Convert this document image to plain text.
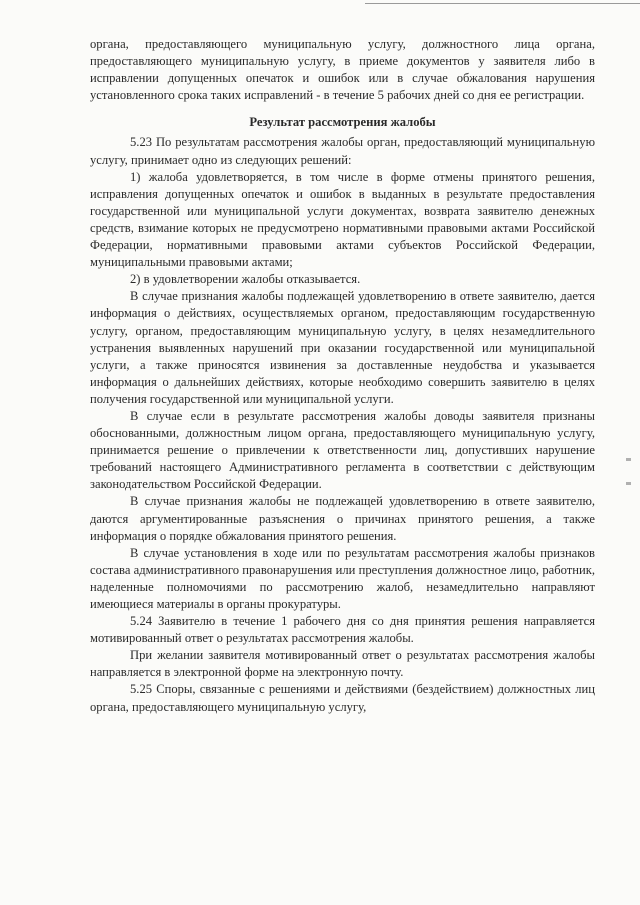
органа, предоставляющего муниципальную услугу, должностного лица органа, предоставляющего муниципальную услугу, в приеме документов у заявителя либо в исправлении допущенных опечаток и ошибок или в случае обжалования нарушения установленного срока таких исправлений - в течение 5 рабочих дней со дня ее регистрации.

Результат рассмотрения жалобы

5.23 По результатам рассмотрения жалобы орган, предоставляющий муниципальную услугу, принимает одно из следующих решений:

1) жалоба удовлетворяется, в том числе в форме отмены принятого решения, исправления допущенных опечаток и ошибок в выданных в результате предоставления государственной или муниципальной услуги документах, возврата заявителю денежных средств, взимание которых не предусмотрено нормативными правовыми актами Российской Федерации, нормативными правовыми актами субъектов Российской Федерации, муниципальными правовыми актами;

2) в удовлетворении жалобы отказывается.

В случае признания жалобы подлежащей удовлетворению в ответе заявителю, дается информация о действиях, осуществляемых органом, предоставляющим государственную услугу, органом, предоставляющим муниципальную услугу, в целях незамедлительного устранения выявленных нарушений при оказании государственной или муниципальной услуги, а также приносятся извинения за доставленные неудобства и указывается информация о дальнейших действиях, которые необходимо совершить заявителю в целях получения государственной или муниципальной услуги.

В случае если в результате рассмотрения жалобы доводы заявителя признаны обоснованными, должностным лицом органа, предоставляющего муниципальную услугу, принимается решение о привлечении к ответственности лиц, допустивших нарушение требований настоящего Административного регламента в соответствии с действующим законодательством Российской Федерации.

В случае признания жалобы не подлежащей удовлетворению в ответе заявителю, даются аргументированные разъяснения о причинах принятого решения, а также информация о порядке обжалования принятого решения.

В случае установления в ходе или по результатам рассмотрения жалобы признаков состава административного правонарушения или преступления должностное лицо, работник, наделенные полномочиями по рассмотрению жалоб, незамедлительно направляют имеющиеся материалы в органы прокуратуры.

5.24 Заявителю в течение 1 рабочего дня со дня принятия решения направляется мотивированный ответ о результатах рассмотрения жалобы.

При желании заявителя мотивированный ответ о результатах рассмотрения жалобы направляется в электронной форме на электронную почту.

5.25 Споры, связанные с решениями и действиями (бездействием) должностных лиц органа, предоставляющего муниципальную услугу,
